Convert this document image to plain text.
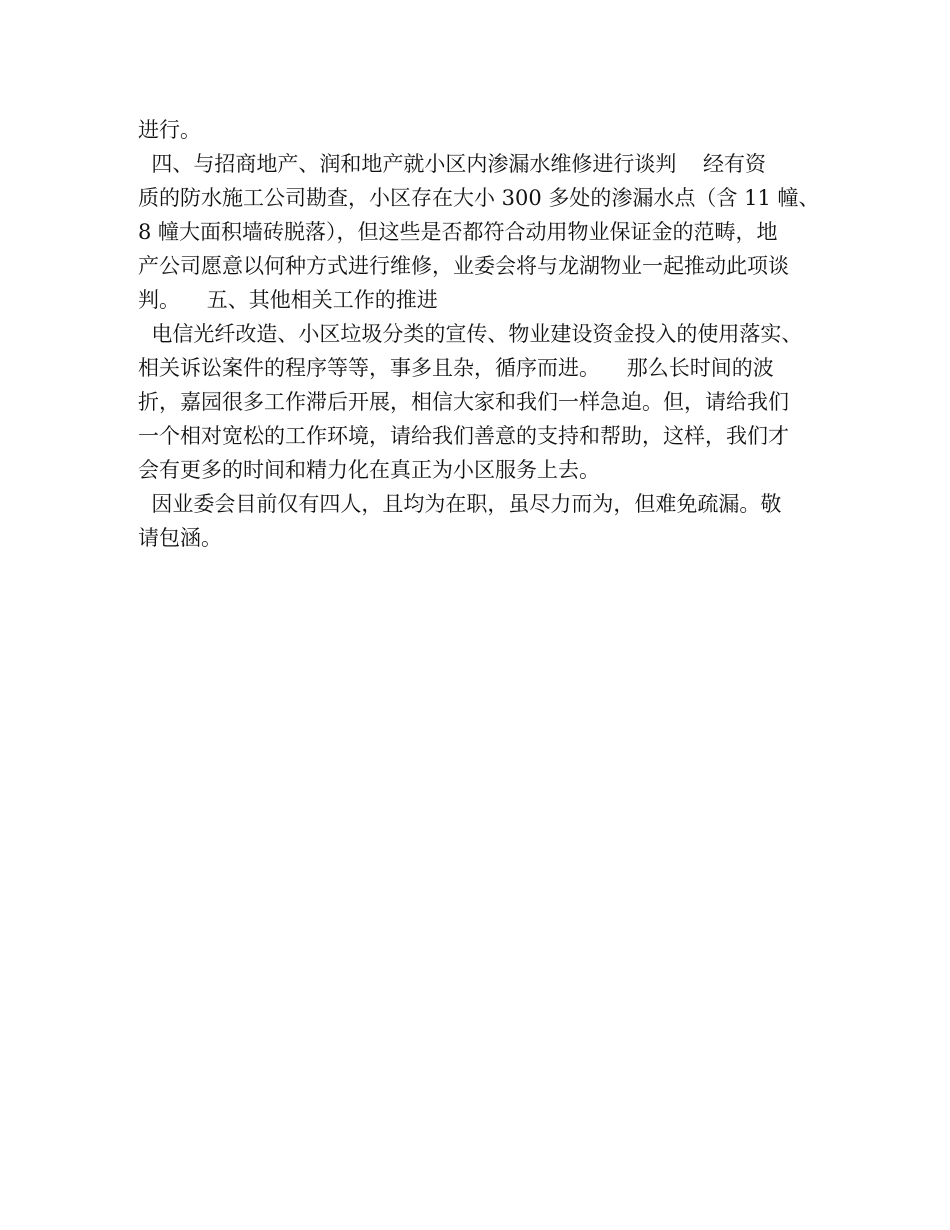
进行。
四、与招商地产、润和地产就小区内渗漏水维修进行谈判    经有资
质的防水施工公司勘查，小区存在大小 300 多处的渗漏水点（含 11 幢、
8 幢大面积墙砖脱落），但这些是否都符合动用物业保证金的范畴，地
产公司愿意以何种方式进行维修，业委会将与龙湖物业一起推动此项谈
判。    五、其他相关工作的推进
电信光纤改造、小区垃圾分类的宣传、物业建设资金投入的使用落实、
相关诉讼案件的程序等等，事多且杂，循序而进。    那么长时间的波
折，嘉园很多工作滞后开展，相信大家和我们一样急迫。但，请给我们
一个相对宽松的工作环境，请给我们善意的支持和帮助，这样，我们才
会有更多的时间和精力化在真正为小区服务上去。
因业委会目前仅有四人，且均为在职，虽尽力而为，但难免疏漏。敬
请包涵。
